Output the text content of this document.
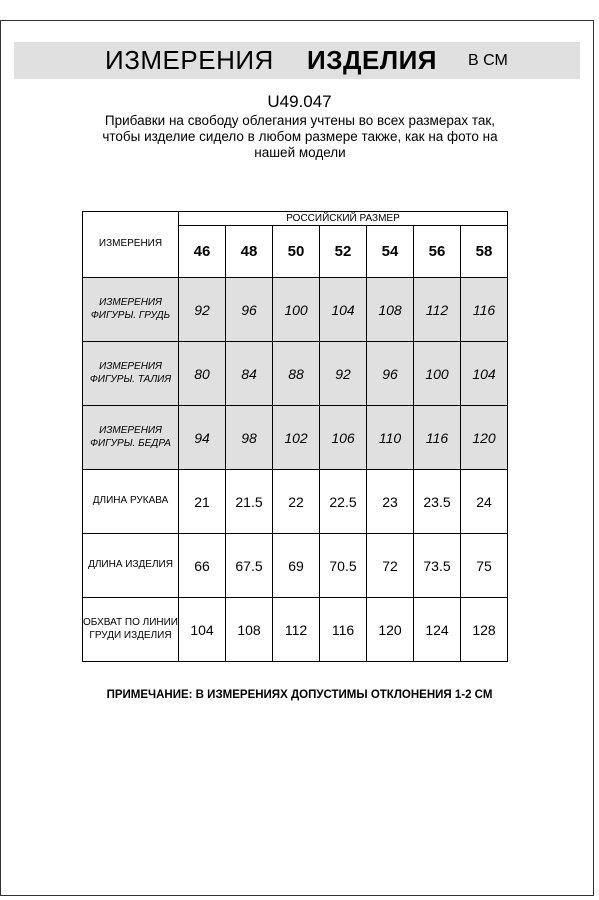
ИЗМЕРЕНИЯ ИЗДЕЛИЯ В СМ
U49.047
Прибавки на свободу облегания учтены во всех размерах так, чтобы изделие сидело в любом размере также, как на фото на нашей модели
ИЗМЕРЕНИЯ	РОССИЙСКИЙ РАЗМЕР						
	46	48	50	52	54	56	58
ИЗМЕРЕНИЯ ФИГУРЫ. ГРУДЬ	92	96	100	104	108	112	116
ИЗМЕРЕНИЯ ФИГУРЫ. ТАЛИЯ	80	84	88	92	96	100	104
ИЗМЕРЕНИЯ ФИГУРЫ. БЕДРА	94	98	102	106	110	116	120
ДЛИНА РУКАВА	21	21.5	22	22.5	23	23.5	24
ДЛИНА ИЗДЕЛИЯ	66	67.5	69	70.5	72	73.5	75
ОБХВАТ ПО ЛИНИИ ГРУДИ ИЗДЕЛИЯ	104	108	112	116	120	124	128
ПРИМЕЧАНИЕ: В ИЗМЕРЕНИЯХ ДОПУСТИМЫ ОТКЛОНЕНИЯ 1-2 СМ
